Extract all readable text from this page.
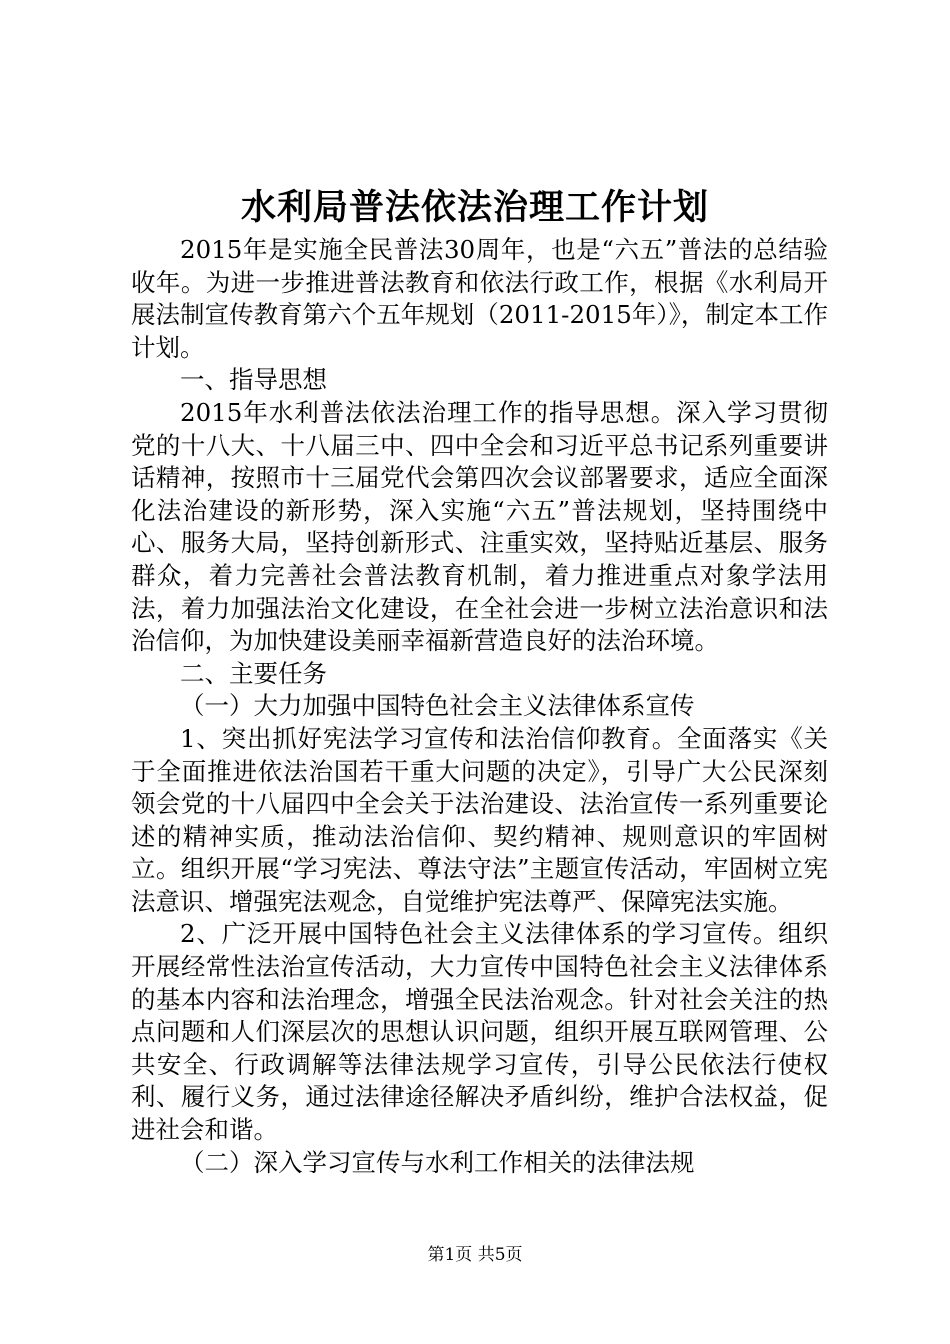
水利局普法依法治理工作计划

2015年是实施全民普法30周年，也是“六五”普法的总结验收年。为进一步推进普法教育和依法行政工作，根据《水利局开展法制宣传教育第六个五年规划（2011-2015年）》，制定本工作计划。

一、指导思想

2015年水利普法依法治理工作的指导思想。深入学习贯彻党的十八大、十八届三中、四中全会和习近平总书记系列重要讲话精神，按照市十三届党代会第四次会议部署要求，适应全面深化法治建设的新形势，深入实施“六五”普法规划，坚持围绕中心、服务大局，坚持创新形式、注重实效，坚持贴近基层、服务群众，着力完善社会普法教育机制，着力推进重点对象学法用法，着力加强法治文化建设，在全社会进一步树立法治意识和法治信仰，为加快建设美丽幸福新营造良好的法治环境。

二、主要任务

（一）大力加强中国特色社会主义法律体系宣传

1、突出抓好宪法学习宣传和法治信仰教育。全面落实《关于全面推进依法治国若干重大问题的决定》，引导广大公民深刻领会党的十八届四中全会关于法治建设、法治宣传一系列重要论述的精神实质，推动法治信仰、契约精神、规则意识的牢固树立。组织开展“学习宪法、尊法守法”主题宣传活动，牢固树立宪法意识、增强宪法观念，自觉维护宪法尊严、保障宪法实施。

2、广泛开展中国特色社会主义法律体系的学习宣传。组织开展经常性法治宣传活动，大力宣传中国特色社会主义法律体系的基本内容和法治理念，增强全民法治观念。针对社会关注的热点问题和人们深层次的思想认识问题，组织开展互联网管理、公共安全、行政调解等法律法规学习宣传，引导公民依法行使权利、履行义务，通过法律途径解决矛盾纠纷，维护合法权益，促进社会和谐。

（二）深入学习宣传与水利工作相关的法律法规

第1页 共5页
